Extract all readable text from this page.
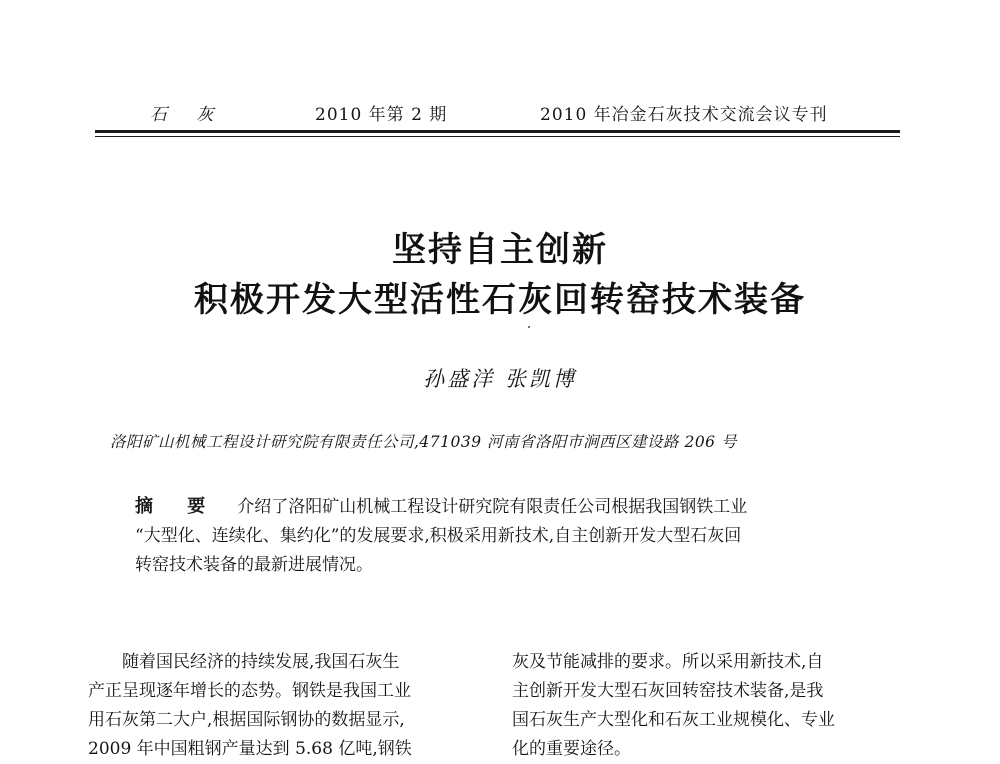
石 灰	2010 年第 2 期	2010 年冶金石灰技术交流会议专刊
坚持自主创新
积极开发大型活性石灰回转窑技术装备
孙盛洋 张凯博
洛阳矿山机械工程设计研究院有限责任公司,471039 河南省洛阳市涧西区建设路 206 号
摘 要 介绍了洛阳矿山机械工程设计研究院有限责任公司根据我国钢铁工业
“大型化、连续化、集约化”的发展要求,积极采用新技术,自主创新开发大型石灰回
转窑技术装备的最新进展情况。
随着国民经济的持续发展,我国石灰生
产正呈现逐年增长的态势。钢铁是我国工业
用石灰第二大户,根据国际钢协的数据显示,
2009 年中国粗钢产量达到 5.68 亿吨,钢铁
灰及节能减排的要求。所以采用新技术,自
主创新开发大型石灰回转窑技术装备,是我
国石灰生产大型化和石灰工业规模化、专业
化的重要途径。
